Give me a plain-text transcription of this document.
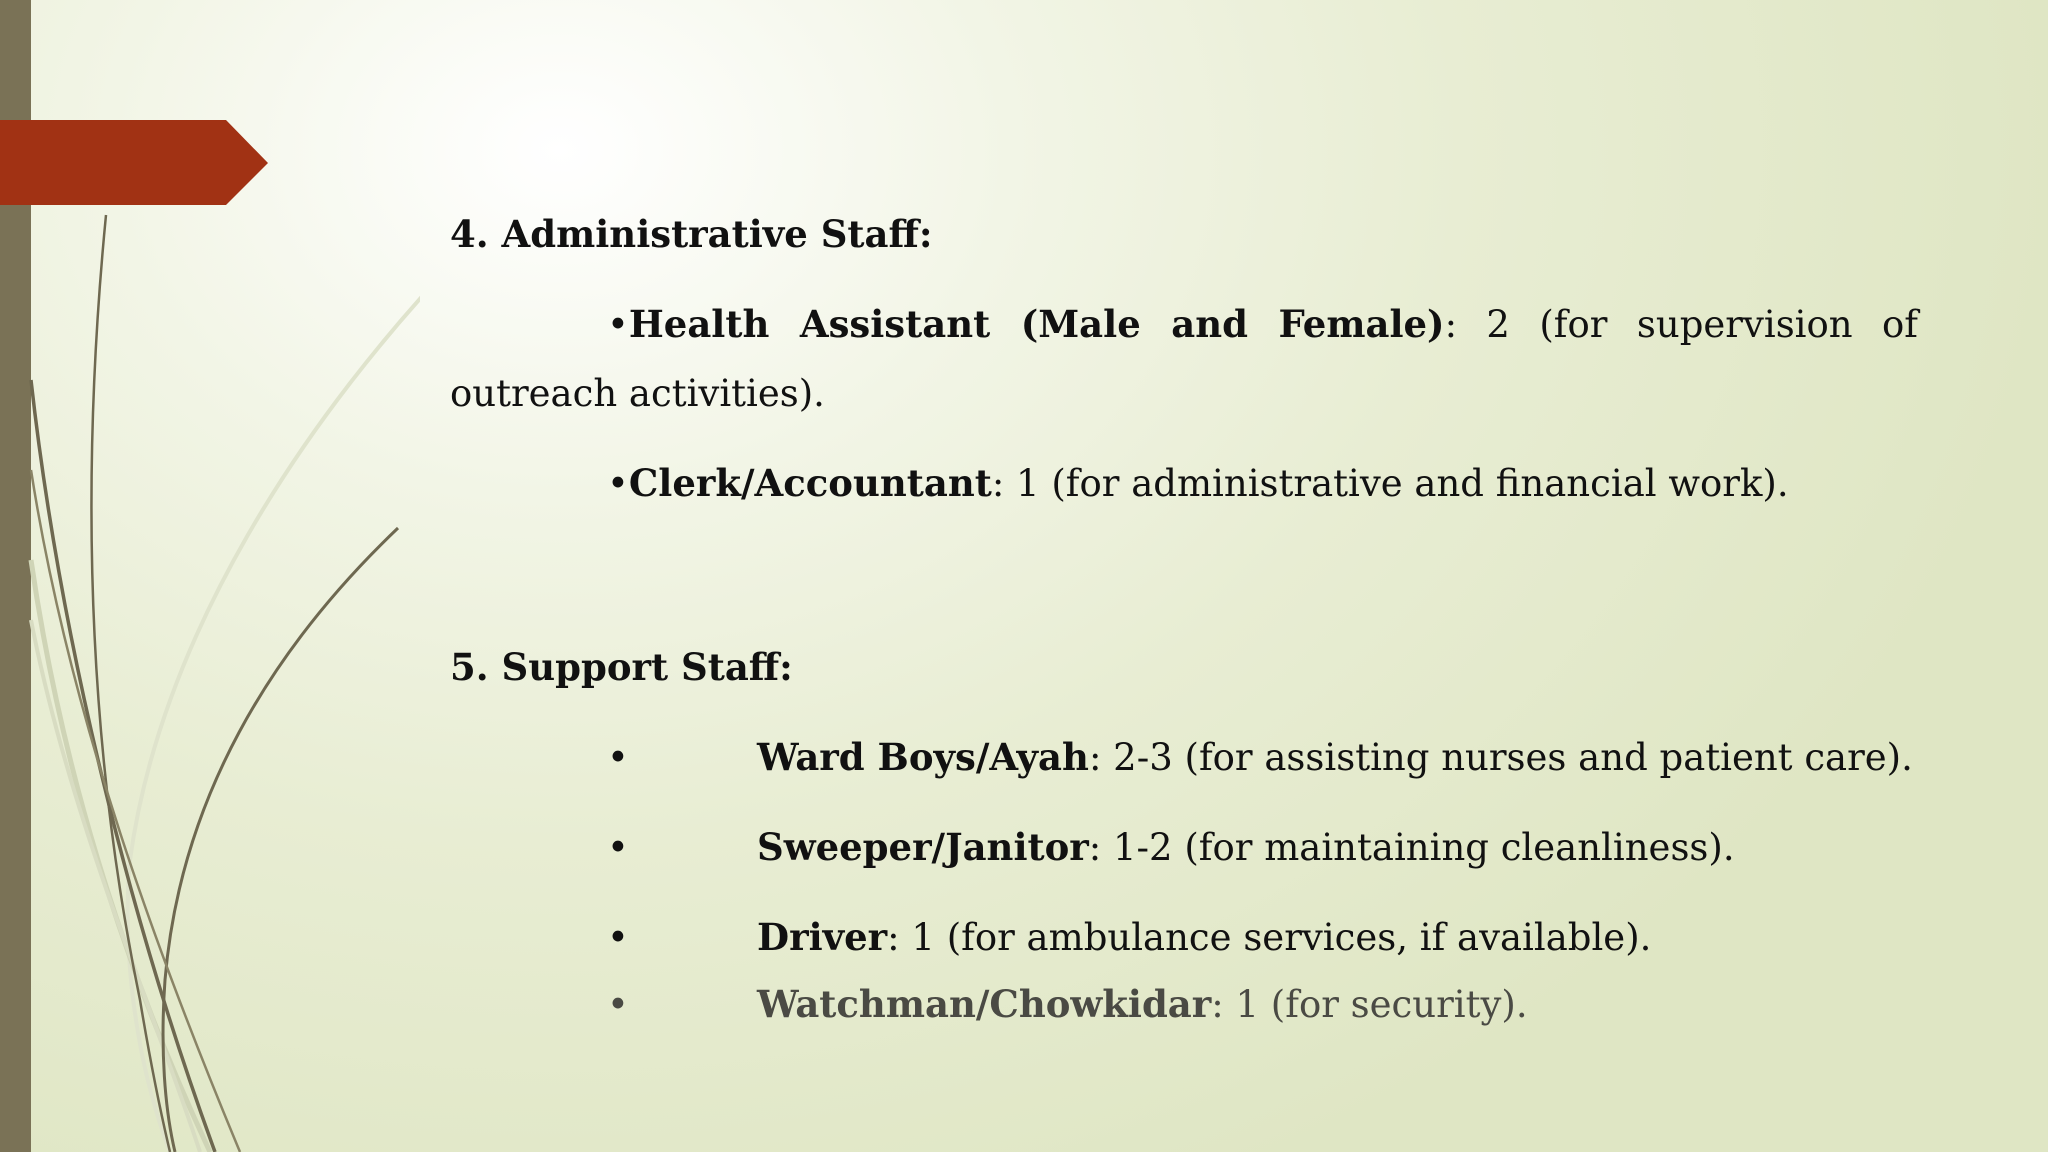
4. Administrative Staff:
•Health Assistant (Male and Female): 2 (for supervision of outreach activities).
•Clerk/Accountant: 1 (for administrative and financial work).
5. Support Staff:
•	Ward Boys/Ayah: 2-3 (for assisting nurses and patient care).
•	Sweeper/Janitor: 1-2 (for maintaining cleanliness).
•	Driver: 1 (for ambulance services, if available).
•	Watchman/Chowkidar: 1 (for security).
